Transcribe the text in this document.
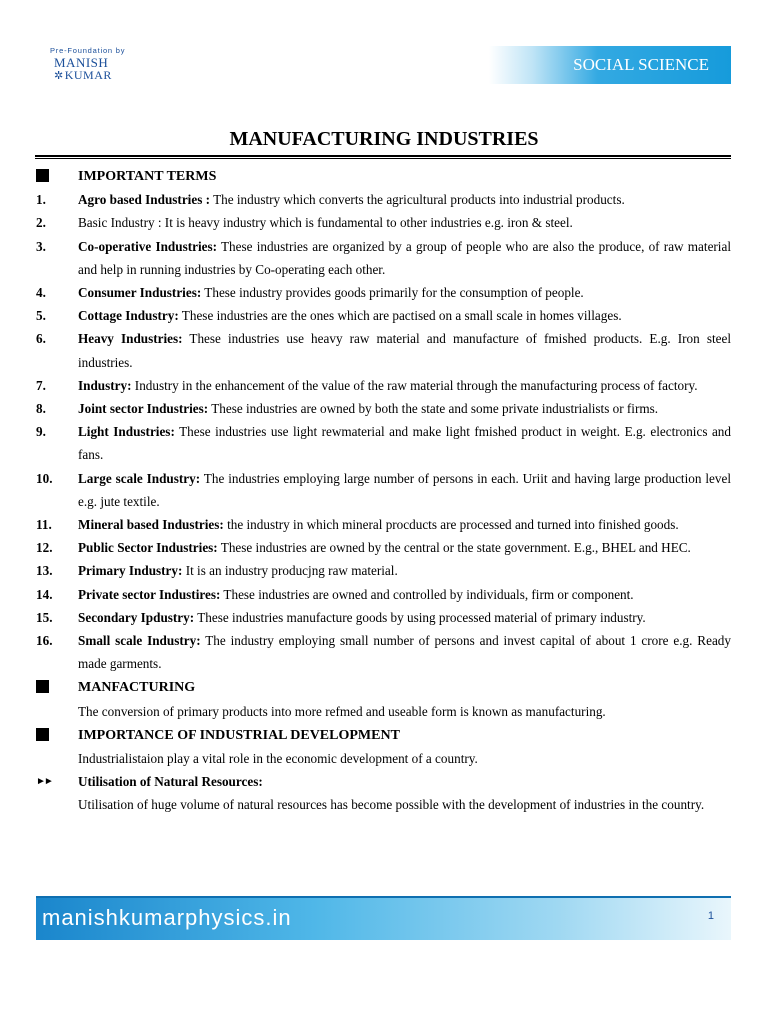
Pre-Foundation by
MANISH
✲KUMAR
SOCIAL SCIENCE
MANUFACTURING INDUSTRIES
IMPORTANT TERMS
1. Agro based Industries : The industry which converts the agricultural products into industrial products.
2. Basic Industry : It is heavy industry which is fundamental to other industries e.g. iron & steel.
3. Co-operative Industries: These industries are organized by a group of people who are also the produce, of raw material and help in running industries by Co-operating each other.
4. Consumer Industries: These industry provides goods primarily for the consumption of people.
5. Cottage Industry: These industries are the ones which are pactised on a small scale in homes villages.
6. Heavy Industries: These industries use heavy raw material and manufacture of fmished products. E.g. Iron steel industries.
7. Industry: Industry in the enhancement of the value of the raw material through the manufacturing process of factory.
8. Joint sector Industries: These industries are owned by both the state and some private industrialists or firms.
9. Light Industries: These industries use light rewmaterial and make light fmished product in weight. E.g. electronics and fans.
10. Large scale Industry: The industries employing large number of persons in each. Uriit and having large production level e.g. jute textile.
11. Mineral based Industries: the industry in which mineral procducts are processed and turned into finished goods.
12. Public Sector Industries: These industries are owned by the central or the state government. E.g., BHEL and HEC.
13. Primary Industry: It is an industry producjng raw material.
14. Private sector Industires: These industries are owned and controlled by individuals, firm or component.
15. Secondary Ipdustry: These industries manufacture goods by using processed material of primary industry.
16. Small scale Industry: The industry employing small number of persons and invest capital of about 1 crore e.g. Ready made garments.
MANFACTURING
The conversion of primary products into more refmed and useable form is known as manufacturing.
IMPORTANCE OF INDUSTRIAL DEVELOPMENT
Industrialistaion play a vital role in the economic development of a country.
►► Utilisation of Natural Resources:
Utilisation of huge volume of natural resources has become possible with the development of industries in the country.
manishkumarphysics.in	1
